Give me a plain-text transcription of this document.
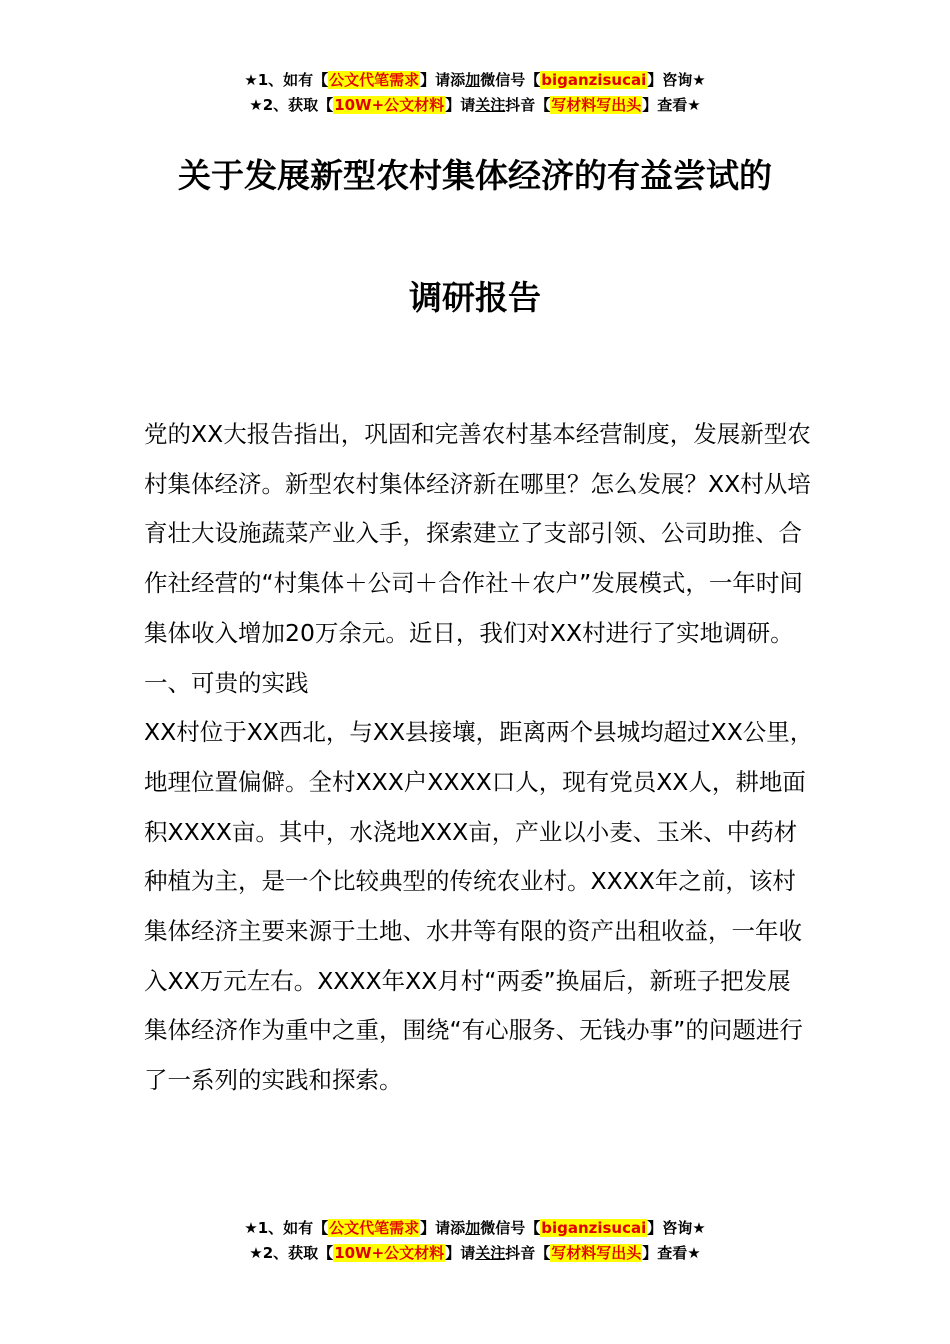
★1、如有【公文代笔需求】请添加微信号【biganzisucai】咨询★
★2、获取【10W+公文材料】请关注抖音【写材料写出头】查看★
关于发展新型农村集体经济的有益尝试的
调研报告

党的XX大报告指出，巩固和完善农村基本经营制度，发展新型农村集体经济。新型农村集体经济新在哪里？怎么发展？XX村从培育壮大设施蔬菜产业入手，探索建立了支部引领、公司助推、合作社经营的“村集体＋公司＋合作社＋农户”发展模式，一年时间集体收入增加20万余元。近日，我们对XX村进行了实地调研。

一、可贵的实践

XX村位于XX西北，与XX县接壤，距离两个县城均超过XX公里，地理位置偏僻。全村XXX户XXXX口人，现有党员XX人，耕地面积XXXX亩。其中，水浇地XXX亩，产业以小麦、玉米、中药材种植为主，是一个比较典型的传统农业村。XXXX年之前，该村集体经济主要来源于土地、水井等有限的资产出租收益，一年收入XX万元左右。XXXX年XX月村“两委”换届后，新班子把发展集体经济作为重中之重，围绕“有心服务、无钱办事”的问题进行了一系列的实践和探索。

★1、如有【公文代笔需求】请添加微信号【biganzisucai】咨询★
★2、获取【10W+公文材料】请关注抖音【写材料写出头】查看★
